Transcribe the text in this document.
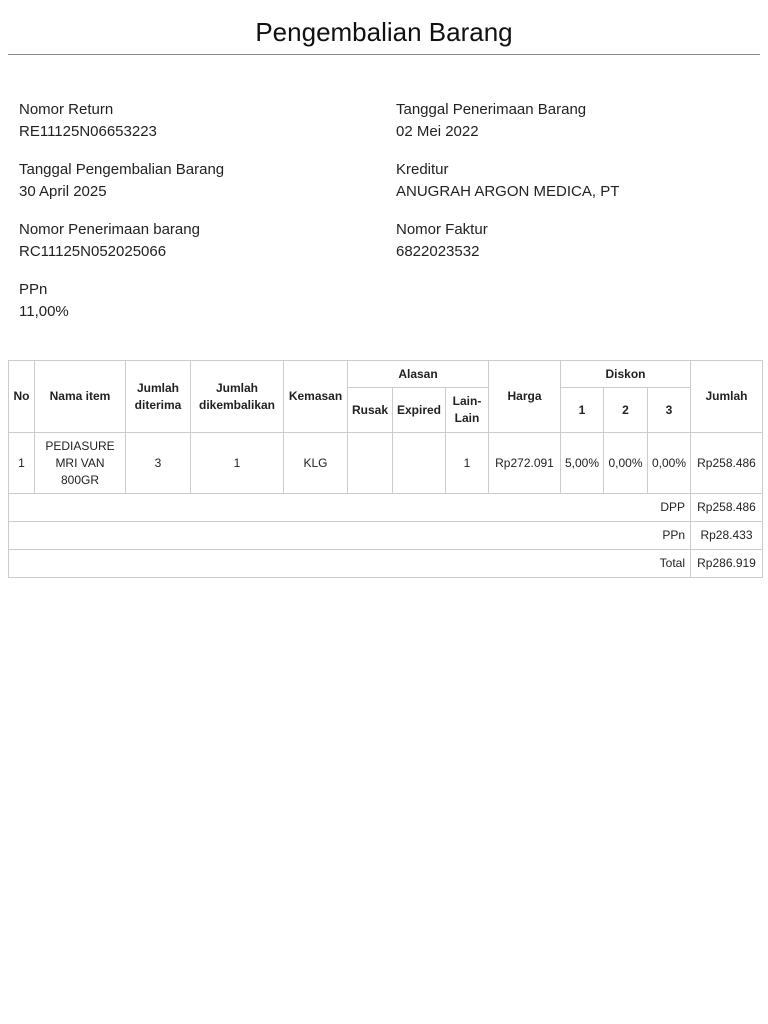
Pengembalian Barang
Nomor Return
RE11125N06653223
Tanggal Penerimaan Barang
02 Mei 2022
Tanggal Pengembalian Barang
30 April 2025
Kreditur
ANUGRAH ARGON MEDICA, PT
Nomor Penerimaan barang
RC11125N052025066
Nomor Faktur
6822023532
PPn
11,00%
No	Nama item	Jumlah diterima	Jumlah dikembalikan	Kemasan	Alasan			Harga	Diskon			Jumlah
					Rusak	Expired	Lain-Lain		1	2	3	
1	PEDIASURE MRI VAN 800GR	3	1	KLG			1	Rp272.091	5,00%	0,00%	0,00%	Rp258.486
DPP												Rp258.486
PPn												Rp28.433
Total												Rp286.919
